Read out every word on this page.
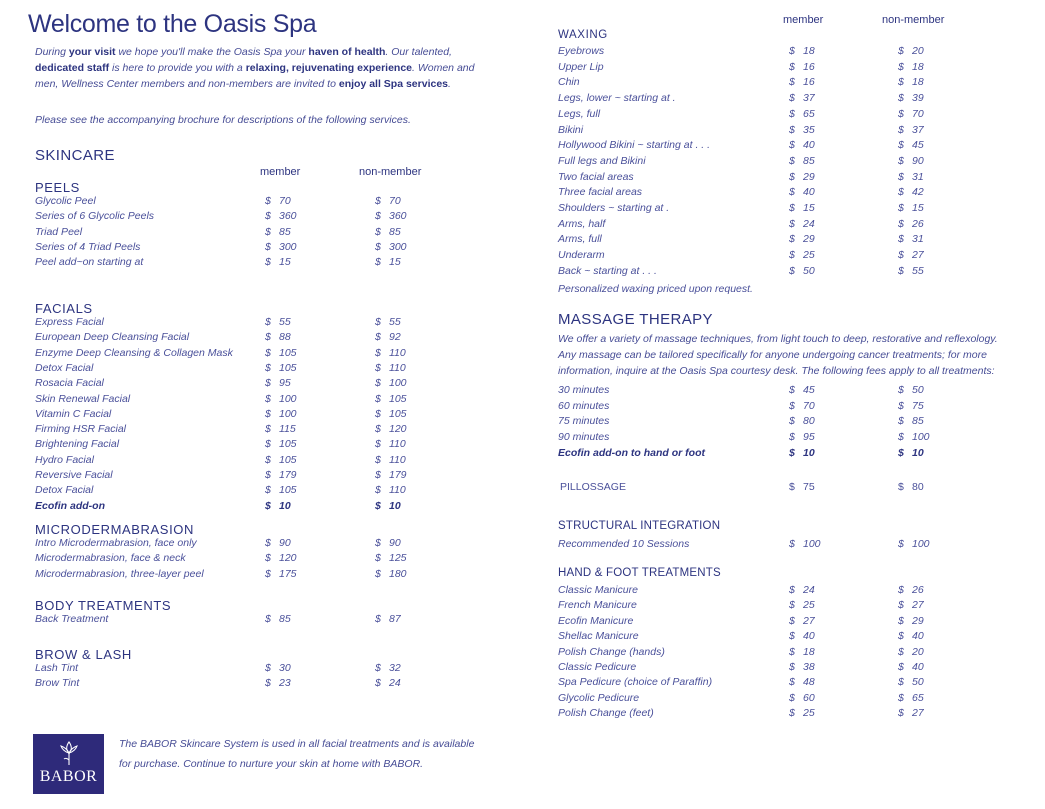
Welcome to the Oasis Spa
During your visit we hope you'll make the Oasis Spa your haven of health. Our talented, dedicated staff is here to provide you with a relaxing, rejuvenating experience. Women and men, Wellness Center members and non-members are invited to enjoy all Spa services.
Please see the accompanying brochure for descriptions of the following services.
member	non-member
SKINCARE
PEELS
Glycolic Peel	$ 70	$ 70
Series of 6 Glycolic Peels	$ 360	$ 360
Triad Peel	$ 85	$ 85
Series of 4 Triad Peels	$ 300	$ 300
Peel add~on starting at	$ 15	$ 15
FACIALS
Express Facial	$ 55	$ 55
European Deep Cleansing Facial	$ 88	$ 92
Enzyme Deep Cleansing & Collagen Mask	$ 105	$ 110
Detox Facial	$ 105	$ 110
Rosacia Facial	$ 95	$ 100
Skin Renewal Facial	$ 100	$ 105
Vitamin C Facial	$ 100	$ 105
Firming HSR Facial	$ 115	$ 120
Brightening Facial	$ 105	$ 110
Hydro Facial	$ 105	$ 110
Reversive Facial	$ 179	$ 179
Detox Facial	$ 105	$ 110
Ecofin add-on	$ 10	$ 10
MICRODERMABRASION
Intro Microdermabrasion, face only	$ 90	$ 90
Microdermabrasion, face & neck	$ 120	$ 125
Microdermabrasion, three-layer peel	$ 175	$ 180
BODY TREATMENTS
Back Treatment	$ 85	$ 87
BROW & LASH
Lash Tint	$ 30	$ 32
Brow Tint	$ 23	$ 24
member	non-member
WAXING
Eyebrows	$ 18	$ 20
Upper Lip	$ 16	$ 18
Chin	$ 16	$ 18
Legs, lower ~ starting at .	$ 37	$ 39
Legs, full	$ 65	$ 70
Bikini	$ 35	$ 37
Hollywood Bikini ~ starting at . . .	$ 40	$ 45
Full legs and Bikini	$ 85	$ 90
Two facial areas	$ 29	$ 31
Three facial areas	$ 40	$ 42
Shoulders ~ starting at .	$ 15	$ 15
Arms, half	$ 24	$ 26
Arms, full	$ 29	$ 31
Underarm	$ 25	$ 27
Back ~ starting at . . .	$ 50	$ 55
Personalized waxing priced upon request.
MASSAGE THERAPY
We offer a variety of massage techniques, from light touch to deep, restorative and reflexology. Any massage can be tailored specifically for anyone undergoing cancer treatments; for more information, inquire at the Oasis Spa courtesy desk. The following fees apply to all treatments:
30 minutes	$ 45	$ 50
60 minutes	$ 70	$ 75
75 minutes	$ 80	$ 85
90 minutes	$ 95	$ 100
Ecofin add-on to hand or foot	$ 10	$ 10
PILLOSSAGE	$ 75	$ 80
STRUCTURAL INTEGRATION
Recommended 10 Sessions	$ 100	$ 100
HAND & FOOT TREATMENTS
Classic Manicure	$ 24	$ 26
French Manicure	$ 25	$ 27
Ecofin Manicure	$ 27	$ 29
Shellac Manicure	$ 40	$ 40
Polish Change (hands)	$ 18	$ 20
Classic Pedicure	$ 38	$ 40
Spa Pedicure (choice of Paraffin)	$ 48	$ 50
Glycolic Pedicure	$ 60	$ 65
Polish Change (feet)	$ 25	$ 27
BABOR
The BABOR Skincare System is used in all facial treatments and is available for purchase. Continue to nurture your skin at home with BABOR.
